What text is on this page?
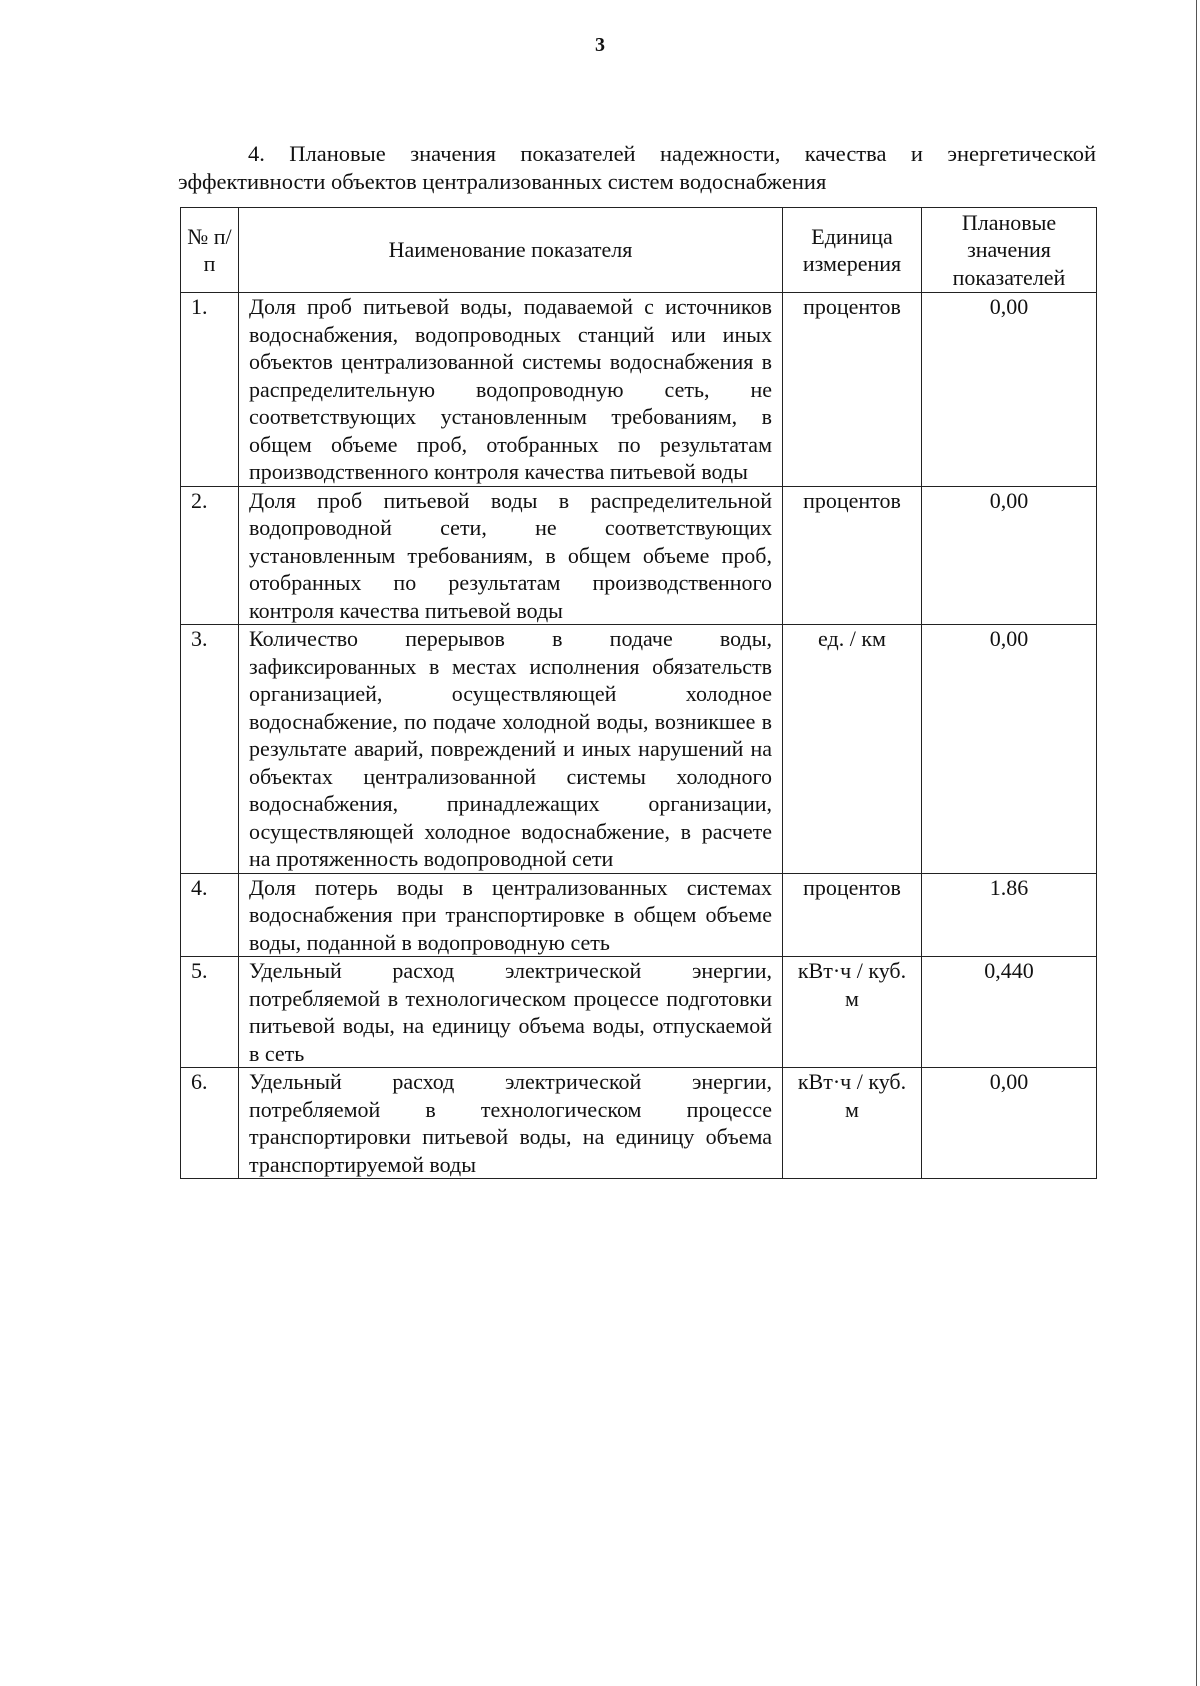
3
4. Плановые значения показателей надежности, качества и энергетической эффективности объектов централизованных систем водоснабжения
№ п/п	Наименование показателя	Единица измерения	Плановые значения показателей
1.	Доля проб питьевой воды, подаваемой с источников водоснабжения, водопроводных станций или иных объектов централизованной системы водоснабжения в распределительную водопроводную сеть, не соответствующих установленным требованиям, в общем объеме проб, отобранных по результатам производственного контроля качества питьевой воды	процентов	0,00
2.	Доля проб питьевой воды в распределительной водопроводной сети, не соответствующих установленным требованиям, в общем объеме проб, отобранных по результатам производственного контроля качества питьевой воды	процентов	0,00
3.	Количество перерывов в подаче воды, зафиксированных в местах исполнения обязательств организацией, осуществляющей холодное водоснабжение, по подаче холодной воды, возникшее в результате аварий, повреждений и иных нарушений на объектах централизованной системы холодного водоснабжения, принадлежащих организации, осуществляющей холодное водоснабжение, в расчете на протяженность водопроводной сети	ед. / км	0,00
4.	Доля потерь воды в централизованных системах водоснабжения при транспортировке в общем объеме воды, поданной в водопроводную сеть	процентов	1.86
5.	Удельный расход электрической энергии, потребляемой в технологическом процессе подготовки питьевой воды, на единицу объема воды, отпускаемой в сеть	кВт·ч / куб. м	0,440
6.	Удельный расход электрической энергии, потребляемой в технологическом процессе транспортировки питьевой воды, на единицу объема транспортируемой воды	кВт·ч / куб. м	0,00
